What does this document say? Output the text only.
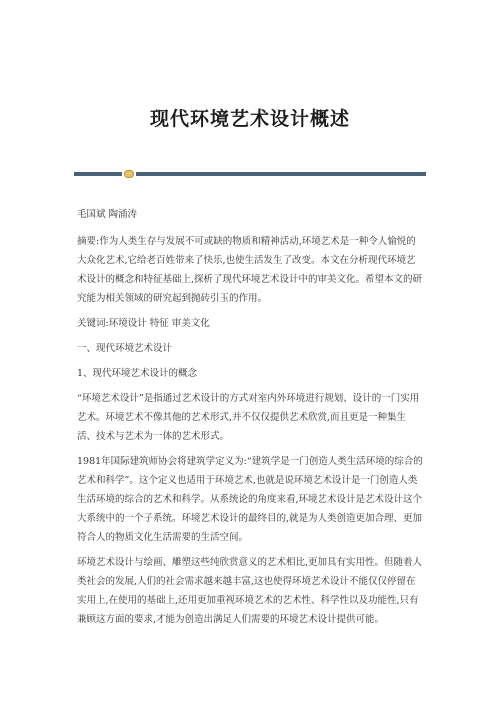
现代环境艺术设计概述

毛国斌 陶涌涛

摘要:作为人类生存与发展不可或缺的物质和精神活动,环境艺术是一种令人愉悦的大众化艺术,它给老百姓带来了快乐,也使生活发生了改变。本文在分析现代环境艺术设计的概念和特征基础上,探析了现代环境艺术设计中的审美文化。希望本文的研究能为相关领域的研究起到抛砖引玉的作用。

关键词:环境设计 特征 审美文化

一、现代环境艺术设计

1、现代环境艺术设计的概念

“环境艺术设计”是指通过艺术设计的方式对室内外环境进行规划、设计的一门实用艺术。环境艺术不像其他的艺术形式,并不仅仅提供艺术欣赏,而且更是一种集生活、技术与艺术为一体的艺术形式。

1981年国际建筑师协会将建筑学定义为:“建筑学是一门创造人类生活环境的综合的艺术和科学”。这个定义也适用于环境艺术,也就是说环境艺术设计是一门创造人类生活环境的综合的艺术和科学。从系统论的角度来看,环境艺术设计是艺术设计这个大系统中的一个子系统。环境艺术设计的最终目的,就是为人类创造更加合理、更加符合人的物质文化生活需要的生活空间。

环境艺术设计与绘画、雕塑这些纯欣赏意义的艺术相比,更加具有实用性。但随着人类社会的发展,人们的社会需求越来越丰富,这也使得环境艺术设计不能仅仅停留在实用上,在使用的基础上,还用更加重视环境艺术的艺术性、科学性以及功能性,只有兼顾这方面的要求,才能为创造出满足人们需要的环境艺术设计提供可能。
